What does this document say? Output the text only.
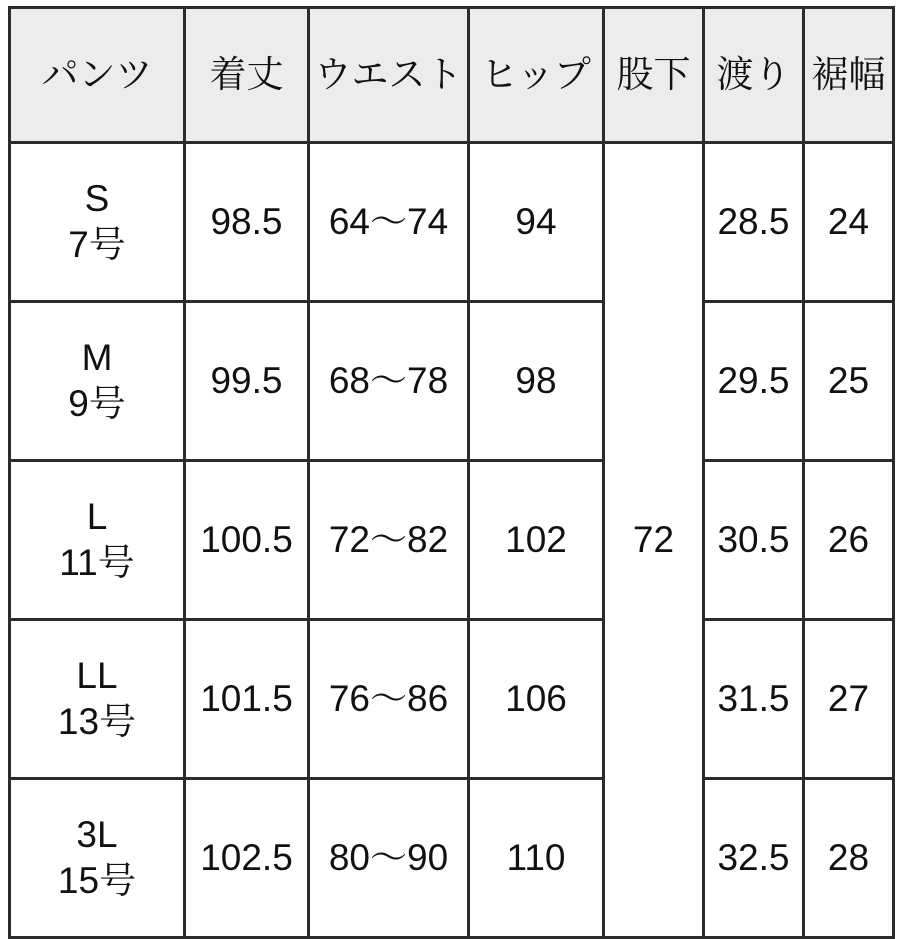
パンツ	着丈	ウエスト	ヒップ	股下	渡り	裾幅

S
7号	98.5	64〜74	94	72	28.5	24

M
9号	99.5	68〜78	98		29.5	25

L
11号	100.5	72〜82	102		30.5	26

LL
13号	101.5	76〜86	106		31.5	27

3L
15号	102.5	80〜90	110		32.5	28
